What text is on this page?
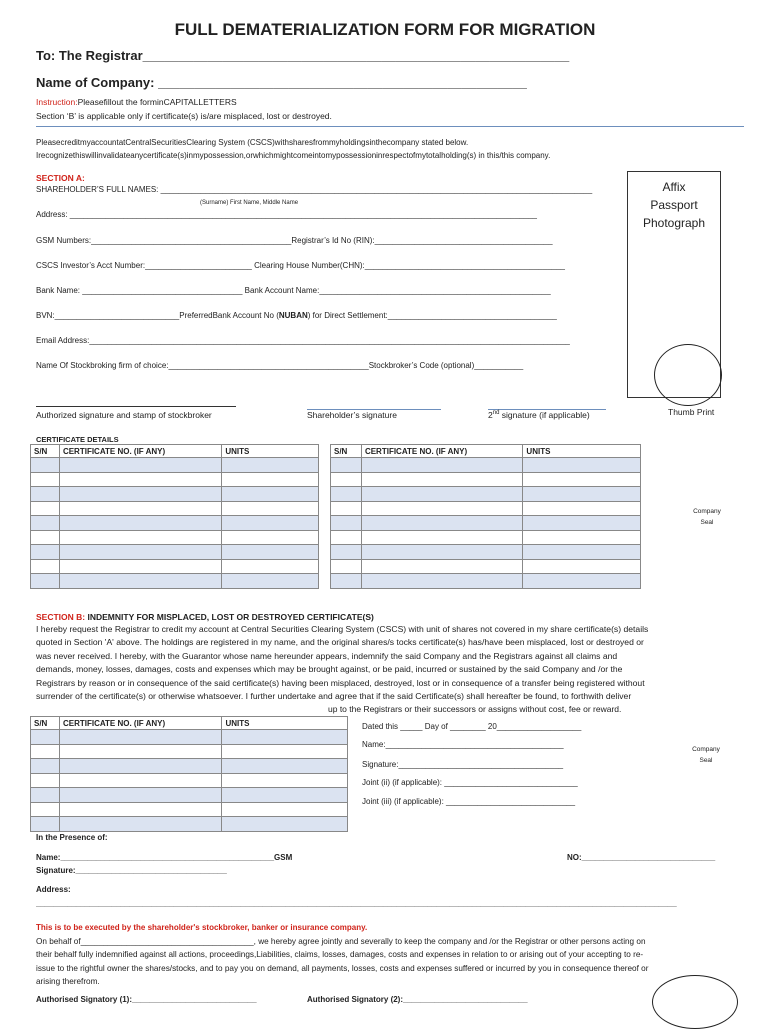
FULL DEMATERIALIZATION FORM FOR MIGRATION
To: The Registrar___________________________________________________________
Name of Company: ___________________________________________________
Instruction:Pleasefillout the forminCAPITALLETTERS
Section ‘B’ is applicable only if certificate(s) is/are misplaced, lost or destroyed.
PleasecreditmyaccountatCentralSecuritiesClearing System (CSCS)withsharesfrommyholdingsinthecompany stated below.
Irecognizethiswillinvalidateanycertificate(s)inmypossession,orwhichmightcomeintomypossessioninrespectofmytotalholding(s) in this/this company.
SECTION A:
SHAREHOLDER’S FULL NAMES: _________________________________________________________________________________________________
(Surname) First Name, Middle Name
Address: _________________________________________________________________________________________________________
GSM Numbers:_____________________________________________Registrar’s Id No (RIN):________________________________________
CSCS Investor’s Acct Number:________________________ Clearing House Number(CHN):_____________________________________________
Bank Name: ____________________________________ Bank Account Name:____________________________________________________
BVN:____________________________PreferredBank Account No (NUBAN) for Direct Settlement:______________________________________
Email Address:____________________________________________________________________________________________________________
Name Of Stockbroking firm of choice:_____________________________________________Stockbroker’s Code (optional)___________
Authorized signature and stamp of stockbroker	Shareholder’s signature	2nd signature (if applicable)
Affix
Passport
Photograph
Thumb Print
CERTIFICATE DETAILS
S/N	CERTIFICATE NO. (IF ANY)	UNITS

			S/N	CERTIFICATE NO. (IF ANY)	UNITS

Company
Seal
SECTION B: INDEMNITY FOR MISPLACED, LOST OR DESTROYED CERTIFICATE(S)
I hereby request the Registrar to credit my account at Central Securities Clearing System (CSCS) with unit of shares not covered in my share certificate(s) details
quoted in Section 'A' above. The holdings are registered in my name, and the original shares/s tocks certificate(s) has/have been misplaced, lost or destroyed or
was never received. I hereby, with the Guarantor whose name hereunder appears, indemnify the said Company and the Registrars against all claims and
demands, money, losses, damages, costs and expenses which may be brought against, or be paid, incurred or sustained by the said Company and /or the
Registrars by reason or in consequence of the said certificate(s) having been misplaced, destroyed, lost or in consequence of a transfer being registered without
surrender of the certificate(s) or otherwise whatsoever. I further undertake and agree that if the said Certificate(s) shall hereafter be found, to forthwith deliver
up to the Registrars or their successors or assigns without cost, fee or reward.
S/N	CERTIFICATE NO. (IF ANY)	UNITS

			Dated this _____ Day of ________ 20___________________
Name:________________________________________
Signature:_____________________________________
Joint (ii) (if applicable): ______________________________
Joint (iii) (if applicable): _____________________________
Company
Seal
In the Presence of:
Name:________________________________________________GSM	NO:______________________________
Signature:__________________________________
Address:
________________________________________________________________________________________________________________________________________________
This is to be executed by the shareholder's stockbroker, banker or insurance company.
On behalf of______________________________________, we hereby agree jointly and severally to keep the company and /or the Registrar or other persons acting on
their behalf fully indemnified against all actions, proceedings,Liabilities, claims, losses, damages, costs and expenses in relation to or arising out of your accepting to re-
issue to the rightful owner the shares/stocks, and to pay you on demand, all payments, losses, costs and expenses suffered or incurred by you in consequence thereof or
arising therefrom.
Authorised Signatory (1):____________________________	Authorised Signatory (2):____________________________
